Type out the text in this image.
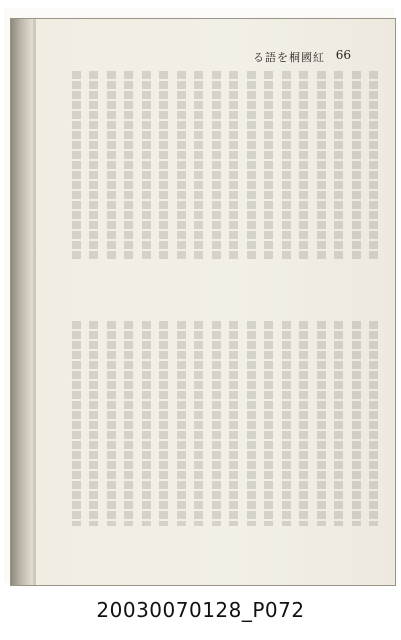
る語を桐國紅 66
20030070128_P072
